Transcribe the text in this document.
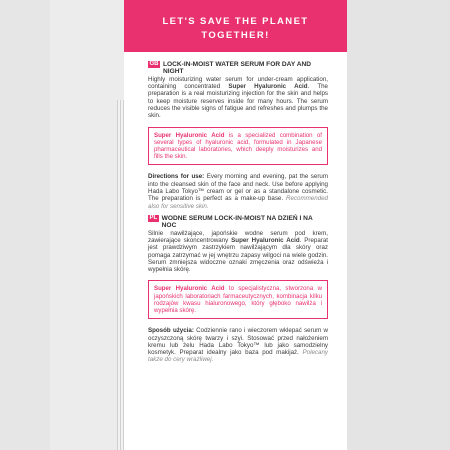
LET'S SAVE THE PLANET
TOGETHER!
GB LOCK-IN-MOIST WATER SERUM FOR DAY AND NIGHT

Highly moisturizing water serum for under-cream application, containing concentrated Super Hyaluronic Acid. The preparation is a real moisturizing injection for the skin and helps to keep moisture reserves inside for many hours. The serum reduces the visible signs of fatigue and refreshes and plumps the skin.

Super Hyaluronic Acid is a specialized combination of several types of hyaluronic acid, formulated in Japanese pharmaceutical laboratories, which deeply moisturizes and fills the skin.

Directions for use: Every morning and evening, pat the serum into the cleansed skin of the face and neck. Use before applying Hada Labo Tokyo™ cream or gel or as a standalone cosmetic. The preparation is perfect as a make-up base. Recommended also for sensitive skin.

PL WODNE SERUM LOCK-IN-MOIST NA DZIEŃ I NA NOC

Silnie nawilżające, japońskie wodne serum pod krem, zawierające skoncentrowany Super Hyaluronic Acid. Preparat jest prawdziwym zastrzykiem nawilżającym dla skóry oraz pomaga zatrzymać w jej wnętrzu zapasy wilgoci na wiele godzin. Serum zmniejsza widoczne oznaki zmęczenia oraz odświeża i wypełnia skórę.

Super Hyaluronic Acid to specjalistyczna, stworzona w japońskich laboratoriach farmaceutycznych, kombinacja kilku rodzajów kwasu hialuronowego, który głęboko nawilża i wypełnia skórę.

Sposób użycia: Codziennie rano i wieczorem wklepać serum w oczyszczoną skórę twarzy i szyi. Stosować przed nałożeniem kremu lub żelu Hada Labo Tokyo™ lub jako samodzielny kosmetyk. Preparat idealny jako baza pod makijaż. Polecany także do cery wrażliwej.
